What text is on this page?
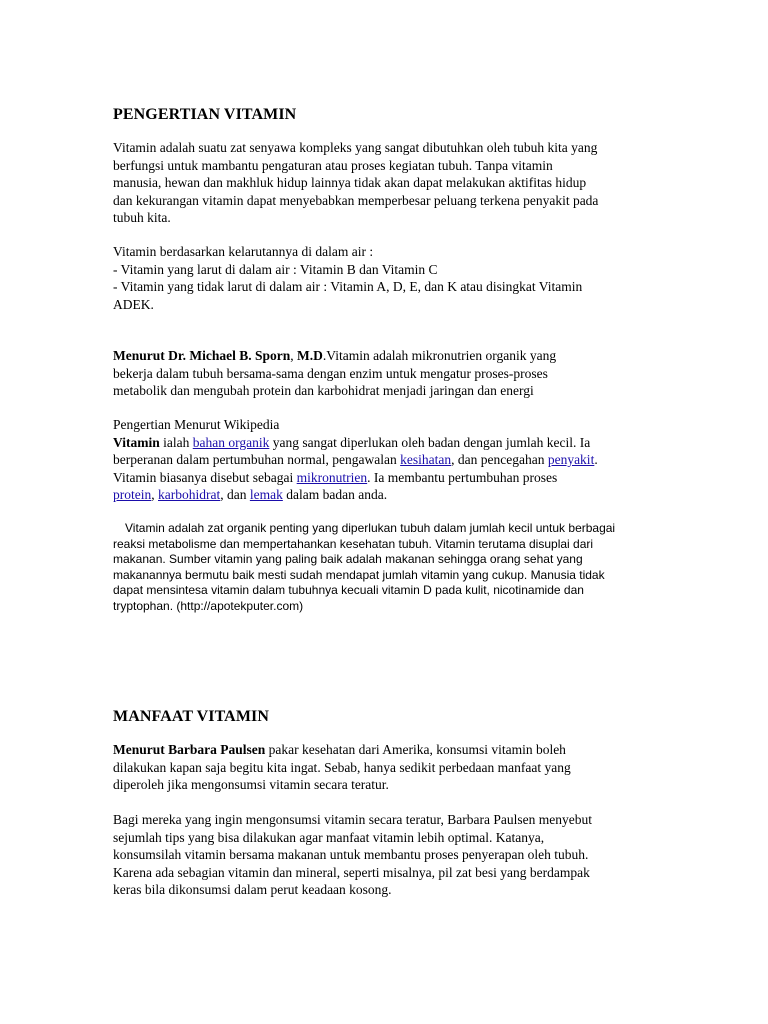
PENGERTIAN VITAMIN

Vitamin adalah suatu zat senyawa kompleks yang sangat dibutuhkan oleh tubuh kita yang
berfungsi untuk mambantu pengaturan atau proses kegiatan tubuh. Tanpa vitamin
manusia, hewan dan makhluk hidup lainnya tidak akan dapat melakukan aktifitas hidup
dan kekurangan vitamin dapat menyebabkan memperbesar peluang terkena penyakit pada
tubuh kita.

Vitamin berdasarkan kelarutannya di dalam air :
- Vitamin yang larut di dalam air : Vitamin B dan Vitamin C
- Vitamin yang tidak larut di dalam air : Vitamin A, D, E, dan K atau disingkat Vitamin
ADEK.

Menurut Dr. Michael B. Sporn, M.D.Vitamin adalah mikronutrien organik yang
bekerja dalam tubuh bersama-sama dengan enzim untuk mengatur proses-proses
metabolik dan mengubah protein dan karbohidrat menjadi jaringan dan energi

Pengertian Menurut Wikipedia
Vitamin ialah bahan organik yang sangat diperlukan oleh badan dengan jumlah kecil. Ia
berperanan dalam pertumbuhan normal, pengawalan kesihatan, dan pencegahan penyakit.
Vitamin biasanya disebut sebagai mikronutrien. Ia membantu pertumbuhan proses
protein, karbohidrat, dan lemak dalam badan anda.

Vitamin adalah zat organik penting yang diperlukan tubuh dalam jumlah kecil untuk berbagai
reaksi metabolisme dan mempertahankan kesehatan tubuh. Vitamin terutama disuplai dari
makanan. Sumber vitamin yang paling baik adalah makanan sehingga orang sehat yang
makanannya bermutu baik mesti sudah mendapat jumlah vitamin yang cukup. Manusia tidak
dapat mensintesa vitamin dalam tubuhnya kecuali vitamin D pada kulit, nicotinamide dan
tryptophan. (http://apotekputer.com)

MANFAAT VITAMIN

Menurut Barbara Paulsen pakar kesehatan dari Amerika, konsumsi vitamin boleh
dilakukan kapan saja begitu kita ingat. Sebab, hanya sedikit perbedaan manfaat yang
diperoleh jika mengonsumsi vitamin secara teratur.

Bagi mereka yang ingin mengonsumsi vitamin secara teratur, Barbara Paulsen menyebut
sejumlah tips yang bisa dilakukan agar manfaat vitamin lebih optimal. Katanya,
konsumsilah vitamin bersama makanan untuk membantu proses penyerapan oleh tubuh.
Karena ada sebagian vitamin dan mineral, seperti misalnya, pil zat besi yang berdampak
keras bila dikonsumsi dalam perut keadaan kosong.
